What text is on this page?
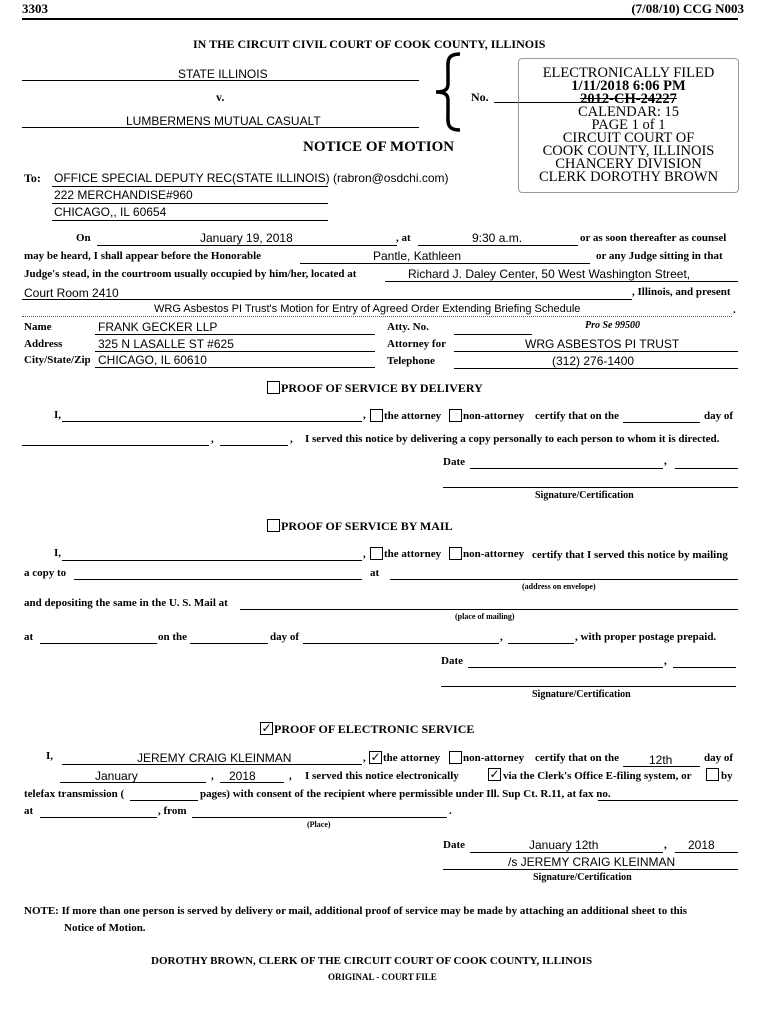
3303	(7/08/10) CCG N003
IN THE CIRCUIT CIVIL COURT OF COOK COUNTY, ILLINOIS
STATE ILLINOIS
v.
LUMBERMENS MUTUAL CASUALT
No.
ELECTRONICALLY FILED
1/11/2018 6:06 PM
2012-CH-24227
CALENDAR: 15
PAGE 1 of 1
CIRCUIT COURT OF
COOK COUNTY, ILLINOIS
CHANCERY DIVISION
CLERK DOROTHY BROWN
NOTICE OF MOTION
To: OFFICE SPECIAL DEPUTY REC(STATE ILLINOIS) (rabron@osdchi.com)
222 MERCHANDISE#960
CHICAGO,, IL 60654
On	January 19, 2018	, at	9:30 a.m.	or as soon thereafter as counsel
may be heard, I shall appear before the Honorable	Pantle, Kathleen	or any Judge sitting in that
Judge's stead, in the courtroom usually occupied by him/her, located at	Richard J. Daley Center, 50 West Washington Street,
Court Room 2410	, Illinois, and present
WRG Asbestos PI Trust's Motion for Entry of Agreed Order Extending Briefing Schedule	.
Name	FRANK GECKER LLP
Address	325 N LASALLE ST #625
City/State/Zip CHICAGO, IL 60610
Atty. No.	Pro Se 99500
Attorney for	WRG ASBESTOS PI TRUST
Telephone	(312) 276-1400
PROOF OF SERVICE BY DELIVERY
I,	, the attorney non-attorney certify that on the	day of
,	, I served this notice by delivering a copy personally to each person to whom it is directed.
Date	,
Signature/Certification
PROOF OF SERVICE BY MAIL
I,	, the attorney non-attorney certify that I served this notice by mailing
a copy to	at
(address on envelope)
and depositing the same in the U. S. Mail at
(place of mailing)
at	on the	day of	,	, with proper postage prepaid.
Date	,
Signature/Certification
✓ PROOF OF ELECTRONIC SERVICE
I,	JEREMY CRAIG KLEINMAN	, ✓ the attorney non-attorney certify that on the 12th	day of
January	, 2018	, I served this notice electronically	✓ via the Clerk's Office E-filing system, or	by
telefax transmission (	pages) with consent of the recipient where permissible under Ill. Sup Ct. R.11, at fax no.
at	, from	.
(Place)
Date	January 12th	, 2018
/s JEREMY CRAIG KLEINMAN
Signature/Certification
NOTE: If more than one person is served by delivery or mail, additional proof of service may be made by attaching an additional sheet to this
Notice of Motion.
DOROTHY BROWN, CLERK OF THE CIRCUIT COURT OF COOK COUNTY, ILLINOIS
ORIGINAL - COURT FILE
